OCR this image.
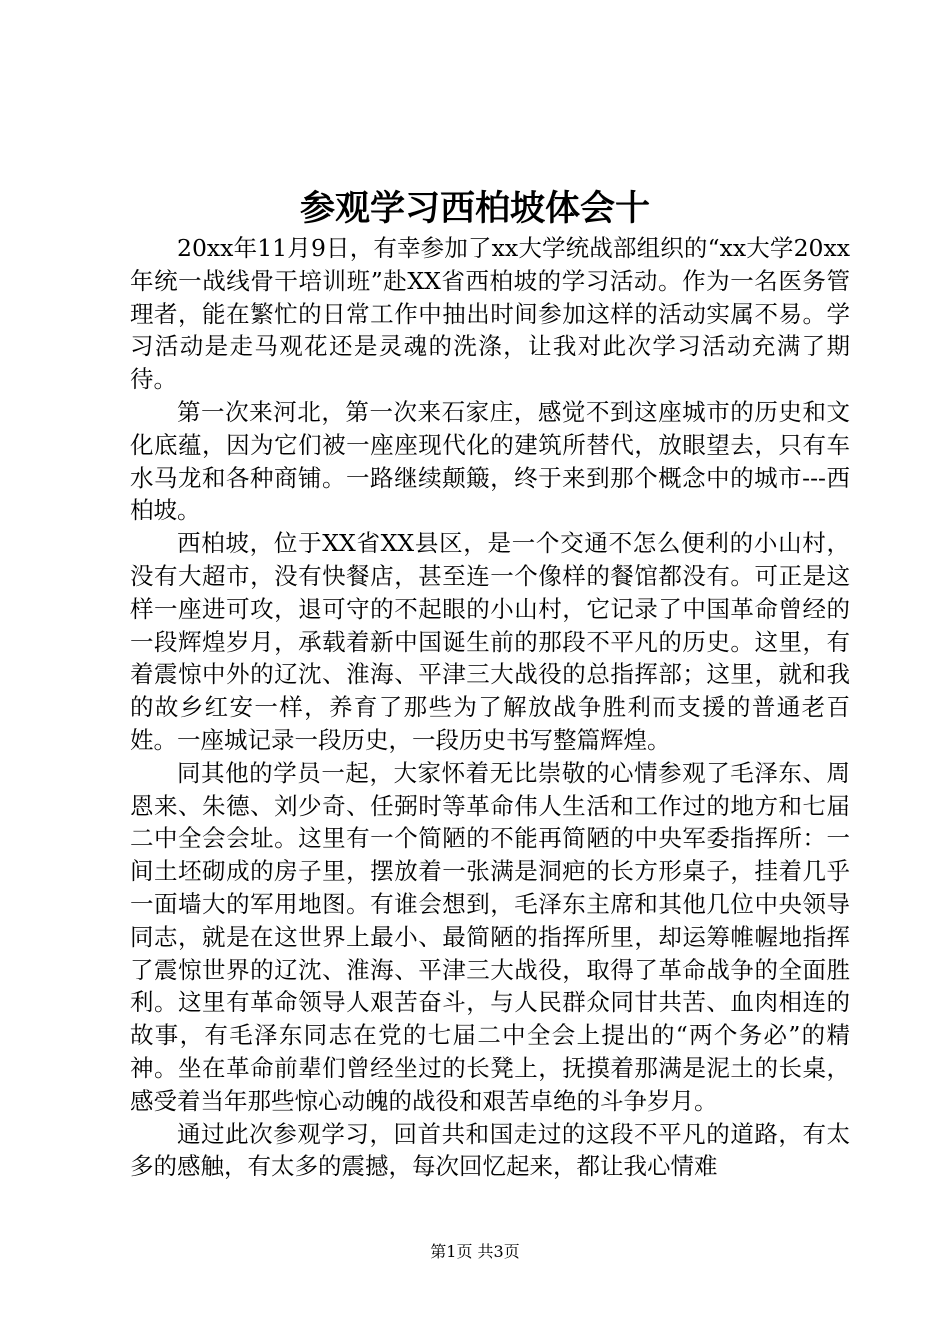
参观学习西柏坡体会十

20xx年11月9日，有幸参加了xx大学统战部组织的“xx大学20xx年统一战线骨干培训班”赴XX省西柏坡的学习活动。作为一名医务管理者，能在繁忙的日常工作中抽出时间参加这样的活动实属不易。学习活动是走马观花还是灵魂的洗涤，让我对此次学习活动充满了期待。

第一次来河北，第一次来石家庄，感觉不到这座城市的历史和文化底蕴，因为它们被一座座现代化的建筑所替代，放眼望去，只有车水马龙和各种商铺。一路继续颠簸，终于来到那个概念中的城市---西柏坡。

西柏坡，位于XX省XX县区，是一个交通不怎么便利的小山村，没有大超市，没有快餐店，甚至连一个像样的餐馆都没有。可正是这样一座进可攻，退可守的不起眼的小山村，它记录了中国革命曾经的一段辉煌岁月，承载着新中国诞生前的那段不平凡的历史。这里，有着震惊中外的辽沈、淮海、平津三大战役的总指挥部；这里，就和我的故乡红安一样，养育了那些为了解放战争胜利而支援的普通老百姓。一座城记录一段历史，一段历史书写整篇辉煌。

同其他的学员一起，大家怀着无比崇敬的心情参观了毛泽东、周恩来、朱德、刘少奇、任弼时等革命伟人生活和工作过的地方和七届二中全会会址。这里有一个简陋的不能再简陋的中央军委指挥所：一间土坯砌成的房子里，摆放着一张满是洞疤的长方形桌子，挂着几乎一面墙大的军用地图。有谁会想到，毛泽东主席和其他几位中央领导同志，就是在这世界上最小、最简陋的指挥所里，却运筹帷幄地指挥了震惊世界的辽沈、淮海、平津三大战役，取得了革命战争的全面胜利。这里有革命领导人艰苦奋斗，与人民群众同甘共苦、血肉相连的故事，有毛泽东同志在党的七届二中全会上提出的“两个务必”的精神。坐在革命前辈们曾经坐过的长凳上，抚摸着那满是泥土的长桌，感受着当年那些惊心动魄的战役和艰苦卓绝的斗争岁月。

通过此次参观学习，回首共和国走过的这段不平凡的道路，有太多的感触，有太多的震撼，每次回忆起来，都让我心情难

第1页 共3页
